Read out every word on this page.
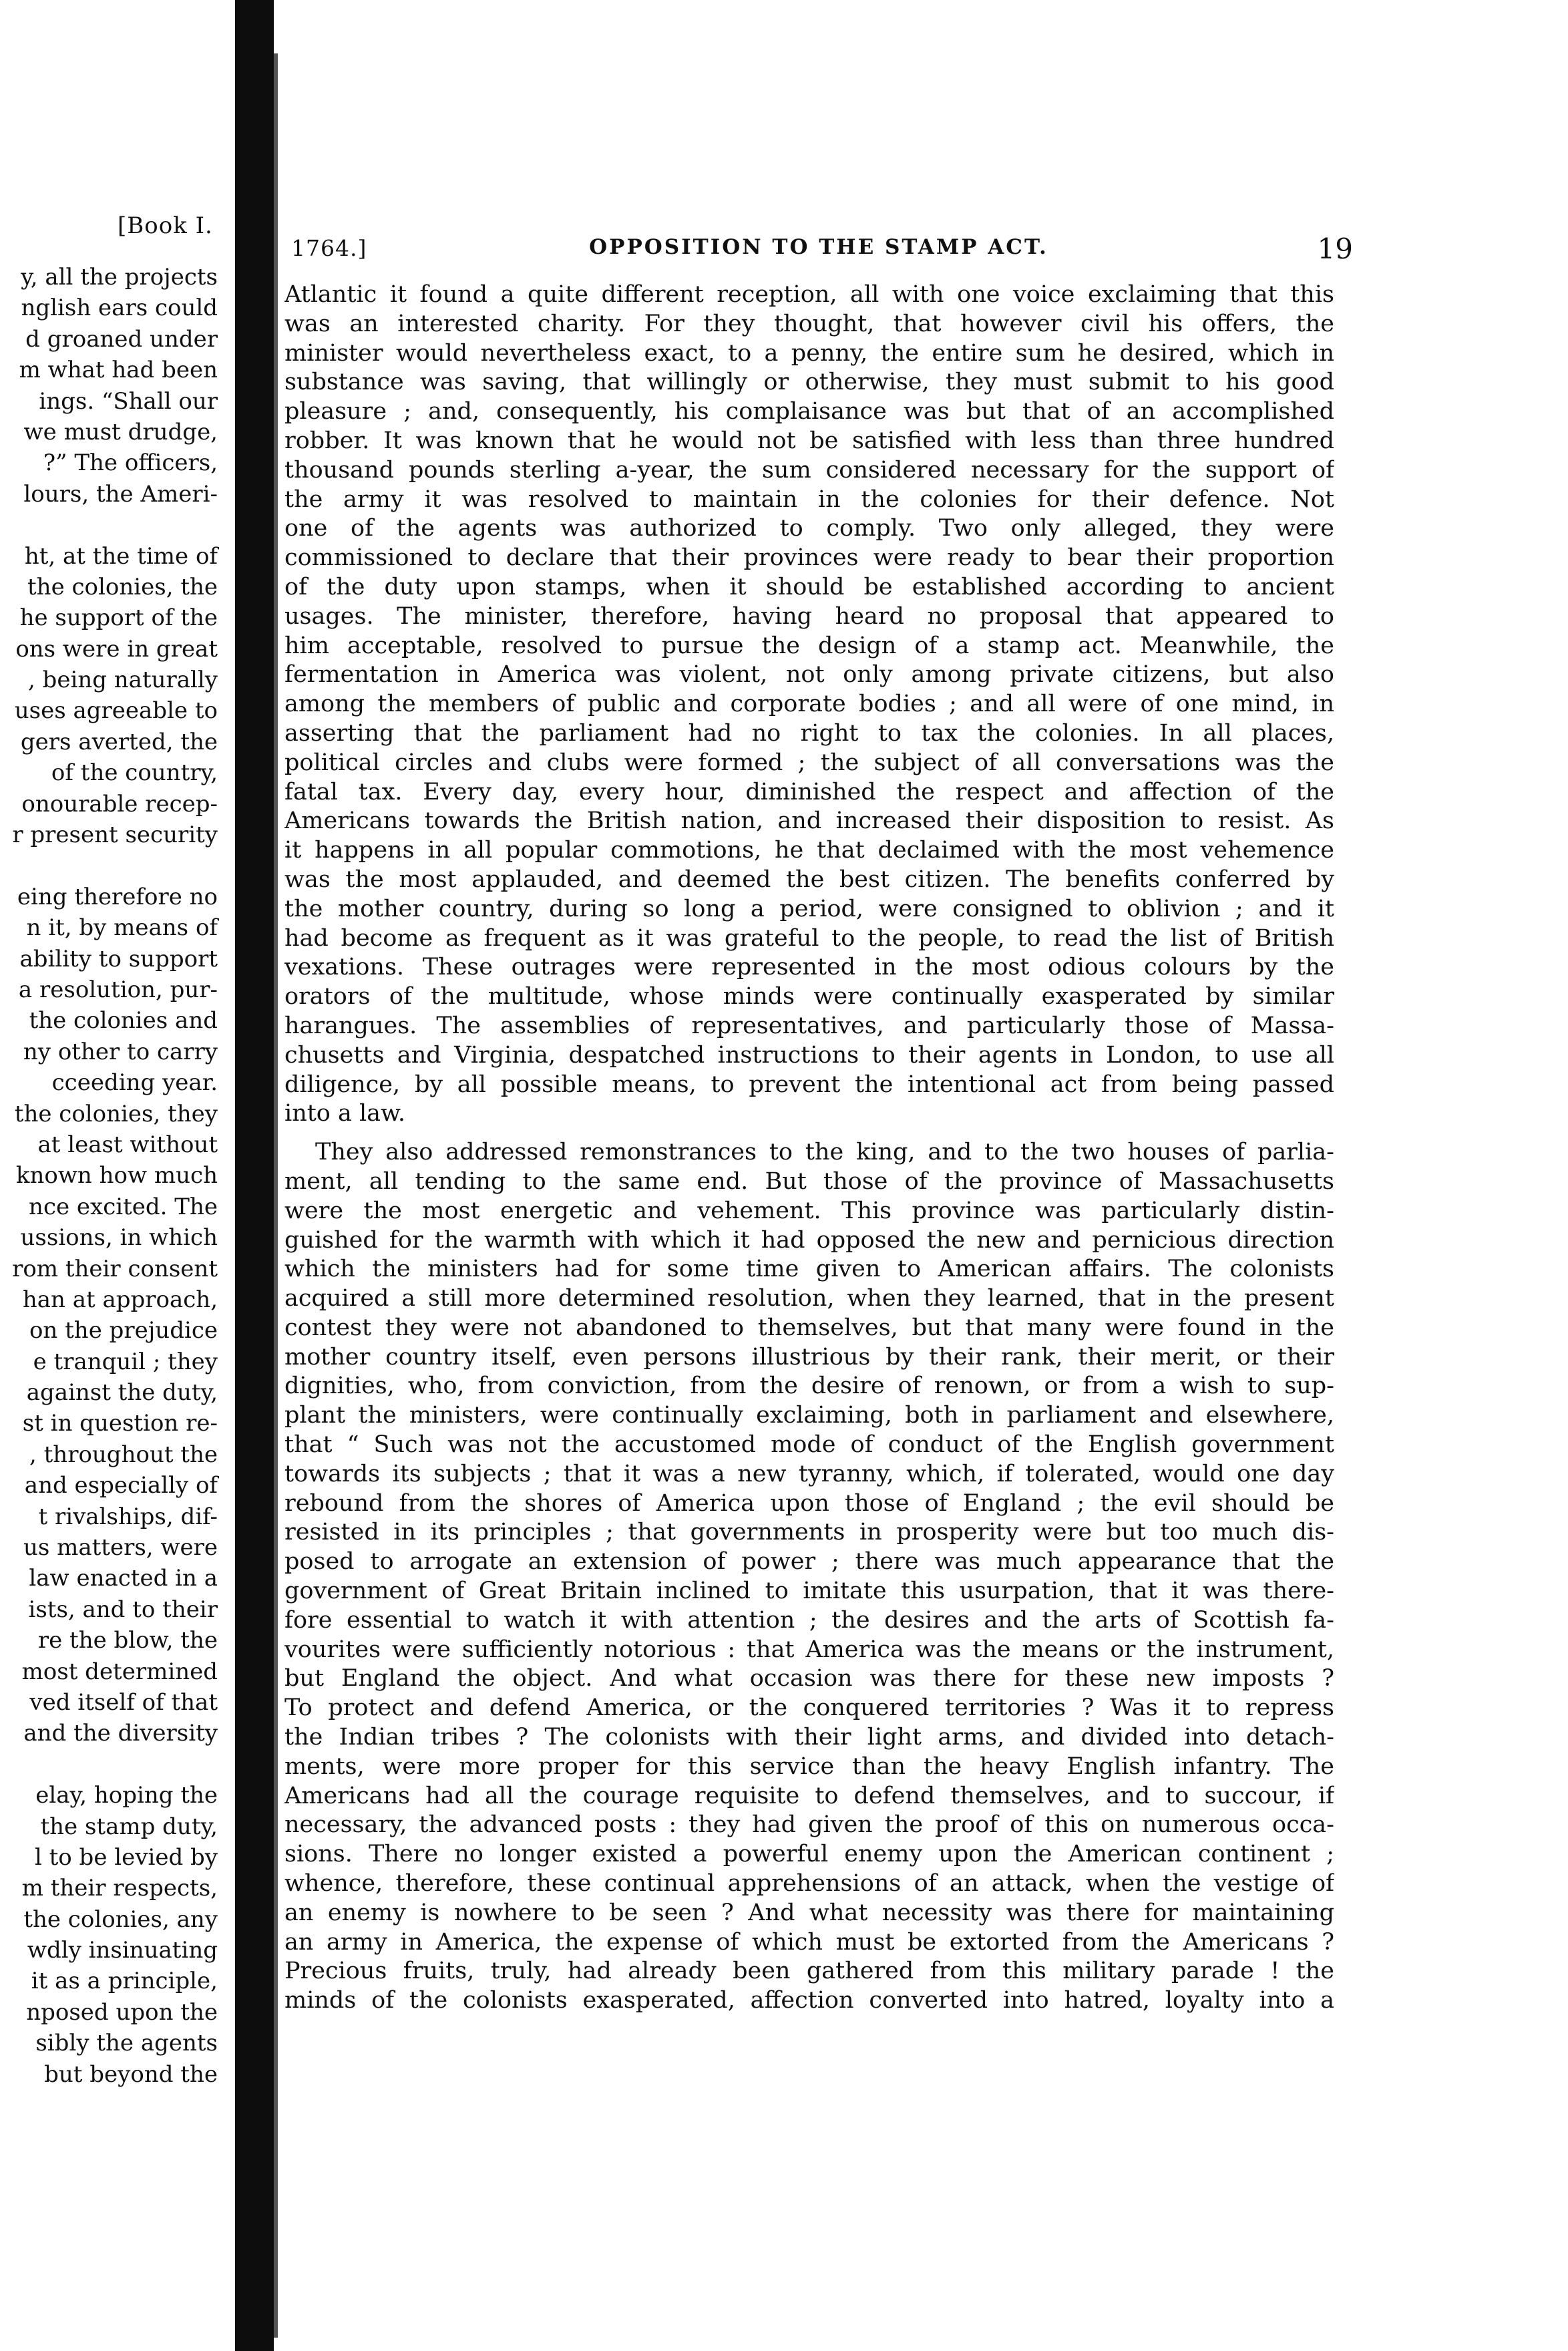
[Book I.
y, all the projects
nglish ears could
d groaned under
m what had been
ings. “Shall our
we must drudge,
?” The officers,
lours, the Ameri-
ht, at the time of
the colonies, the
he support of the
ons were in great
, being naturally
uses agreeable to
gers averted, the
of the country,
onourable recep-
r present security
eing therefore no
n it, by means of
ability to support
a resolution, pur-
the colonies and
ny other to carry
cceeding year.
the colonies, they
at least without
known how much
nce excited. The
ussions, in which
rom their consent
han at approach,
on the prejudice
e tranquil ; they
against the duty,
st in question re-
, throughout the
and especially of
t rivalships, dif-
us matters, were
law enacted in a
ists, and to their
re the blow, the
most determined
ved itself of that
and the diversity
elay, hoping the
the stamp duty,
l to be levied by
m their respects,
the colonies, any
wdly insinuating
it as a principle,
nposed upon the
sibly the agents
but beyond the
1764.]	OPPOSITION TO THE STAMP ACT.	19
Atlantic it found a quite different reception, all with one voice exclaiming that this
was an interested charity. For they thought, that however civil his offers, the
minister would nevertheless exact, to a penny, the entire sum he desired, which in
substance was saving, that willingly or otherwise, they must submit to his good
pleasure ; and, consequently, his complaisance was but that of an accomplished
robber. It was known that he would not be satisfied with less than three hundred
thousand pounds sterling a-year, the sum considered necessary for the support of
the army it was resolved to maintain in the colonies for their defence. Not
one of the agents was authorized to comply. Two only alleged, they were
commissioned to declare that their provinces were ready to bear their proportion
of the duty upon stamps, when it should be established according to ancient
usages. The minister, therefore, having heard no proposal that appeared to
him acceptable, resolved to pursue the design of a stamp act. Meanwhile, the
fermentation in America was violent, not only among private citizens, but also
among the members of public and corporate bodies ; and all were of one mind, in
asserting that the parliament had no right to tax the colonies. In all places,
political circles and clubs were formed ; the subject of all conversations was the
fatal tax. Every day, every hour, diminished the respect and affection of the
Americans towards the British nation, and increased their disposition to resist. As
it happens in all popular commotions, he that declaimed with the most vehemence
was the most applauded, and deemed the best citizen. The benefits conferred by
the mother country, during so long a period, were consigned to oblivion ; and it
had become as frequent as it was grateful to the people, to read the list of British
vexations. These outrages were represented in the most odious colours by the
orators of the multitude, whose minds were continually exasperated by similar
harangues. The assemblies of representatives, and particularly those of Massa-
chusetts and Virginia, despatched instructions to their agents in London, to use all
diligence, by all possible means, to prevent the intentional act from being passed
into a law.
They also addressed remonstrances to the king, and to the two houses of parlia-
ment, all tending to the same end. But those of the province of Massachusetts
were the most energetic and vehement. This province was particularly distin-
guished for the warmth with which it had opposed the new and pernicious direction
which the ministers had for some time given to American affairs. The colonists
acquired a still more determined resolution, when they learned, that in the present
contest they were not abandoned to themselves, but that many were found in the
mother country itself, even persons illustrious by their rank, their merit, or their
dignities, who, from conviction, from the desire of renown, or from a wish to sup-
plant the ministers, were continually exclaiming, both in parliament and elsewhere,
that “ Such was not the accustomed mode of conduct of the English government
towards its subjects ; that it was a new tyranny, which, if tolerated, would one day
rebound from the shores of America upon those of England ; the evil should be
resisted in its principles ; that governments in prosperity were but too much dis-
posed to arrogate an extension of power ; there was much appearance that the
government of Great Britain inclined to imitate this usurpation, that it was there-
fore essential to watch it with attention ; the desires and the arts of Scottish fa-
vourites were sufficiently notorious : that America was the means or the instrument,
but England the object. And what occasion was there for these new imposts ?
To protect and defend America, or the conquered territories ? Was it to repress
the Indian tribes ? The colonists with their light arms, and divided into detach-
ments, were more proper for this service than the heavy English infantry. The
Americans had all the courage requisite to defend themselves, and to succour, if
necessary, the advanced posts : they had given the proof of this on numerous occa-
sions. There no longer existed a powerful enemy upon the American continent ;
whence, therefore, these continual apprehensions of an attack, when the vestige of
an enemy is nowhere to be seen ? And what necessity was there for maintaining
an army in America, the expense of which must be extorted from the Americans ?
Precious fruits, truly, had already been gathered from this military parade ! the
minds of the colonists exasperated, affection converted into hatred, loyalty into a
